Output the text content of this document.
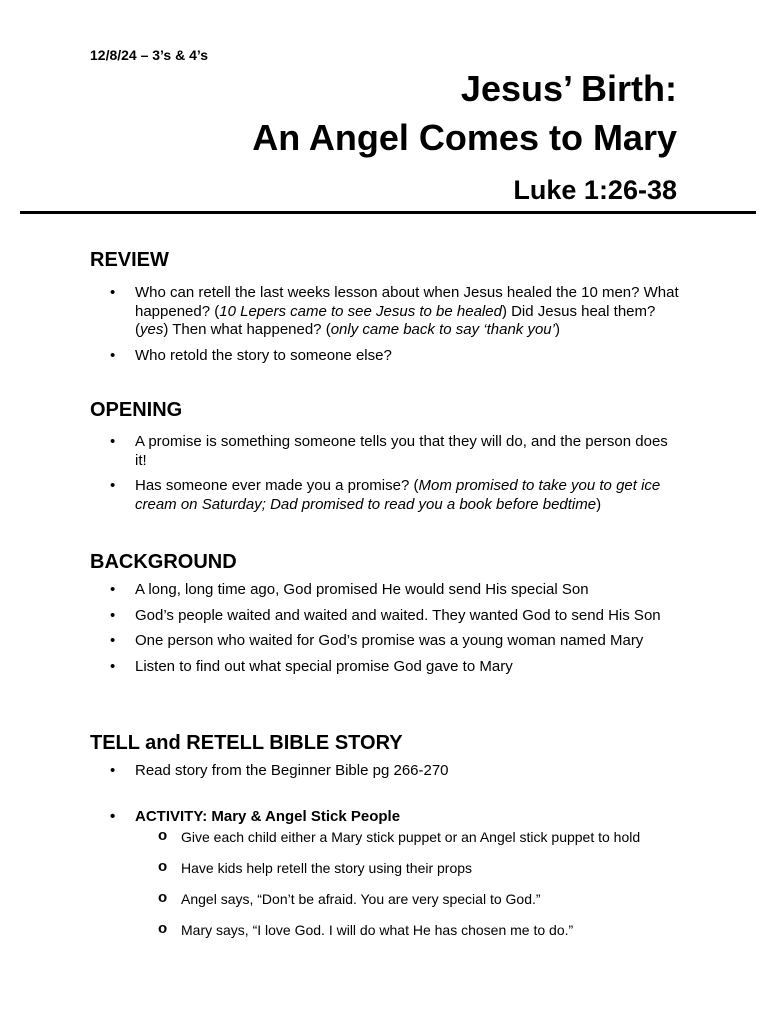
12/8/24 – 3’s & 4’s
Jesus’ Birth:
An Angel Comes to Mary
Luke 1:26-38
REVIEW
• Who can retell the last weeks lesson about when Jesus healed the 10 men? What happened? (10 Lepers came to see Jesus to be healed) Did Jesus heal them? (yes) Then what happened? (only came back to say ‘thank you’)
• Who retold the story to someone else?
OPENING
• A promise is something someone tells you that they will do, and the person does it!
• Has someone ever made you a promise? (Mom promised to take you to get ice cream on Saturday; Dad promised to read you a book before bedtime)
BACKGROUND
• A long, long time ago, God promised He would send His special Son
• God’s people waited and waited and waited. They wanted God to send His Son
• One person who waited for God’s promise was a young woman named Mary
• Listen to find out what special promise God gave to Mary
TELL and RETELL BIBLE STORY
• Read story from the Beginner Bible pg 266-270
• ACTIVITY: Mary & Angel Stick People
o Give each child either a Mary stick puppet or an Angel stick puppet to hold
o Have kids help retell the story using their props
o Angel says, “Don’t be afraid. You are very special to God.”
o Mary says, “I love God. I will do what He has chosen me to do.”
